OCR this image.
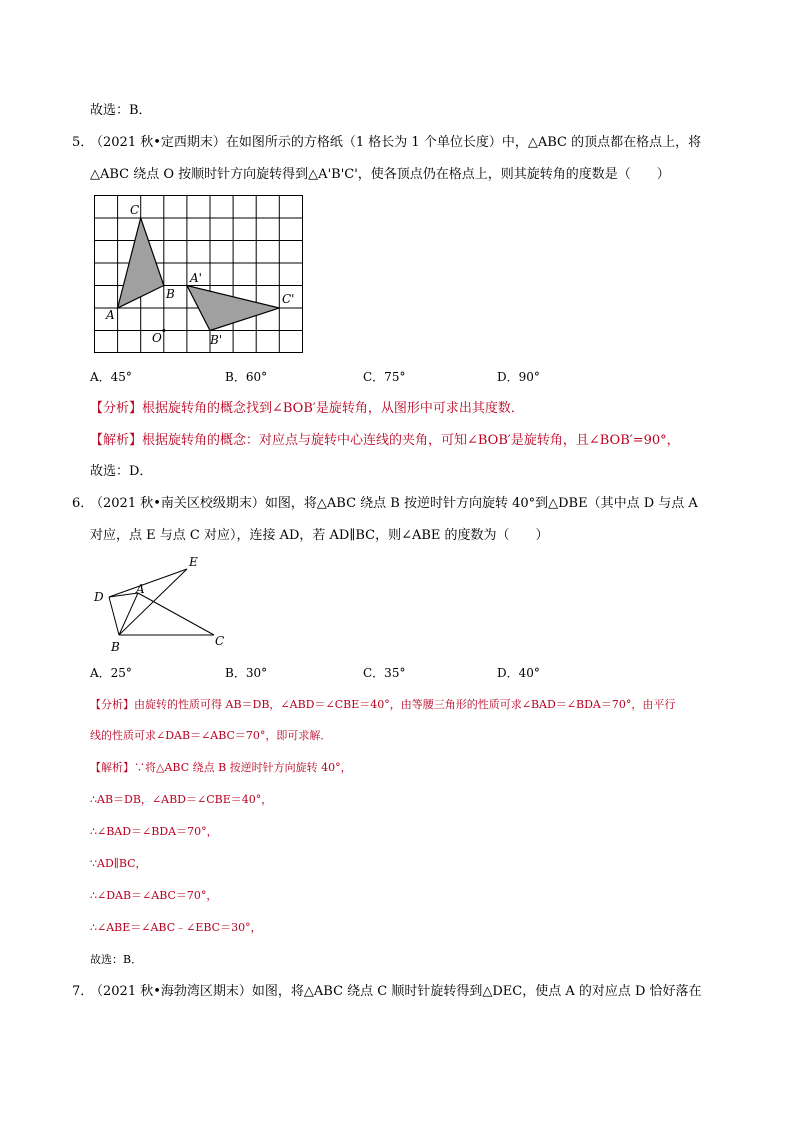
故选：B．
5．
（2021 秋•定西期末）在如图所示的方格纸（1 格长为 1 个单位长度）中，△ABC 的顶点都在格点上，将
△ABC 绕点 O 按顺时针方向旋转得到△A'B'C'，使各顶点仍在格点上，则其旋转角的度数是（　　）
C
A'
B	C'
A
O	B'
A．45°	B．60°	C．75°	D．90°
【分析】根据旋转角的概念找到∠BOB′是旋转角，从图形中可求出其度数．
【解析】根据旋转角的概念：对应点与旋转中心连线的夹角，可知∠BOB′是旋转角，且∠BOB′=90°，
故选：D．
6．
（2021 秋•南关区校级期末）如图，将△ABC 绕点 B 按逆时针方向旋转 40°到△DBE（其中点 D 与点 A
对应，点 E 与点 C 对应），连接 AD，若 AD∥BC，则∠ABE 的度数为（　　）
E
D
A
B	C
A．25°	B．30°	C．35°	D．40°
【分析】由旋转的性质可得 AB＝DB，∠ABD＝∠CBE＝40°，由等腰三角形的性质可求∠BAD＝∠BDA＝70°，由平行
线的性质可求∠DAB＝∠ABC＝70°，即可求解．
【解析】∵将△ABC 绕点 B 按逆时针方向旋转 40°，
∴AB＝DB，∠ABD＝∠CBE＝40°，
∴∠BAD＝∠BDA＝70°，
∵AD∥BC，
∴∠DAB＝∠ABC＝70°，
∴∠ABE＝∠ABC﹣∠EBC＝30°，
故选：B．
7．
（2021 秋•海勃湾区期末）如图，将△ABC 绕点 C 顺时针旋转得到△DEC，使点 A 的对应点 D 恰好落在
